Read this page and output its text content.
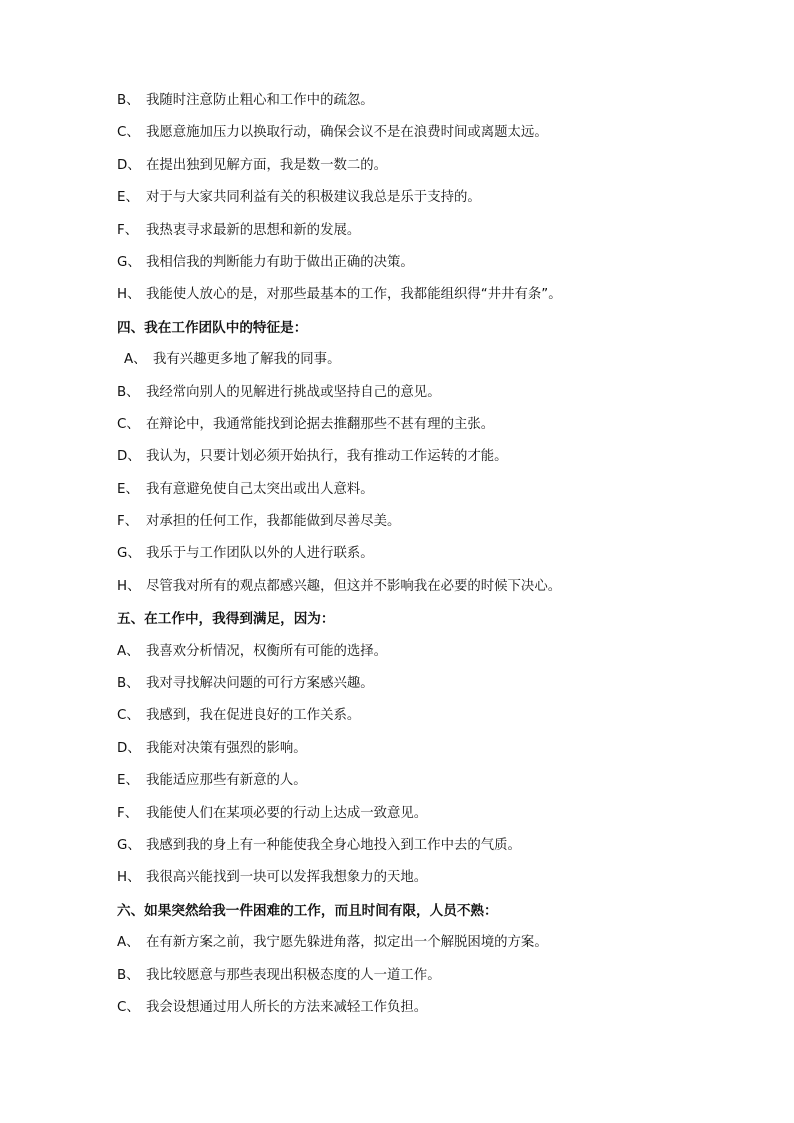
B、 我随时注意防止粗心和工作中的疏忽。
C、 我愿意施加压力以换取行动，确保会议不是在浪费时间或离题太远。
D、 在提出独到见解方面，我是数一数二的。
E、 对于与大家共同利益有关的积极建议我总是乐于支持的。
F、 我热衷寻求最新的思想和新的发展。
G、 我相信我的判断能力有助于做出正确的决策。
H、 我能使人放心的是，对那些最基本的工作，我都能组织得“井井有条”。
四、我在工作团队中的特征是：
A、 我有兴趣更多地了解我的同事。
B、 我经常向别人的见解进行挑战或坚持自己的意见。
C、 在辩论中，我通常能找到论据去推翻那些不甚有理的主张。
D、 我认为，只要计划必须开始执行，我有推动工作运转的才能。
E、 我有意避免使自己太突出或出人意料。
F、 对承担的任何工作，我都能做到尽善尽美。
G、 我乐于与工作团队以外的人进行联系。
H、 尽管我对所有的观点都感兴趣，但这并不影响我在必要的时候下决心。
五、在工作中，我得到满足，因为：
A、 我喜欢分析情况，权衡所有可能的选择。
B、 我对寻找解决问题的可行方案感兴趣。
C、 我感到，我在促进良好的工作关系。
D、 我能对决策有强烈的影响。
E、 我能适应那些有新意的人。
F、 我能使人们在某项必要的行动上达成一致意见。
G、 我感到我的身上有一种能使我全身心地投入到工作中去的气质。
H、 我很高兴能找到一块可以发挥我想象力的天地。
六、如果突然给我一件困难的工作，而且时间有限，人员不熟：
A、 在有新方案之前，我宁愿先躲进角落，拟定出一个解脱困境的方案。
B、 我比较愿意与那些表现出积极态度的人一道工作。
C、 我会设想通过用人所长的方法来减轻工作负担。
